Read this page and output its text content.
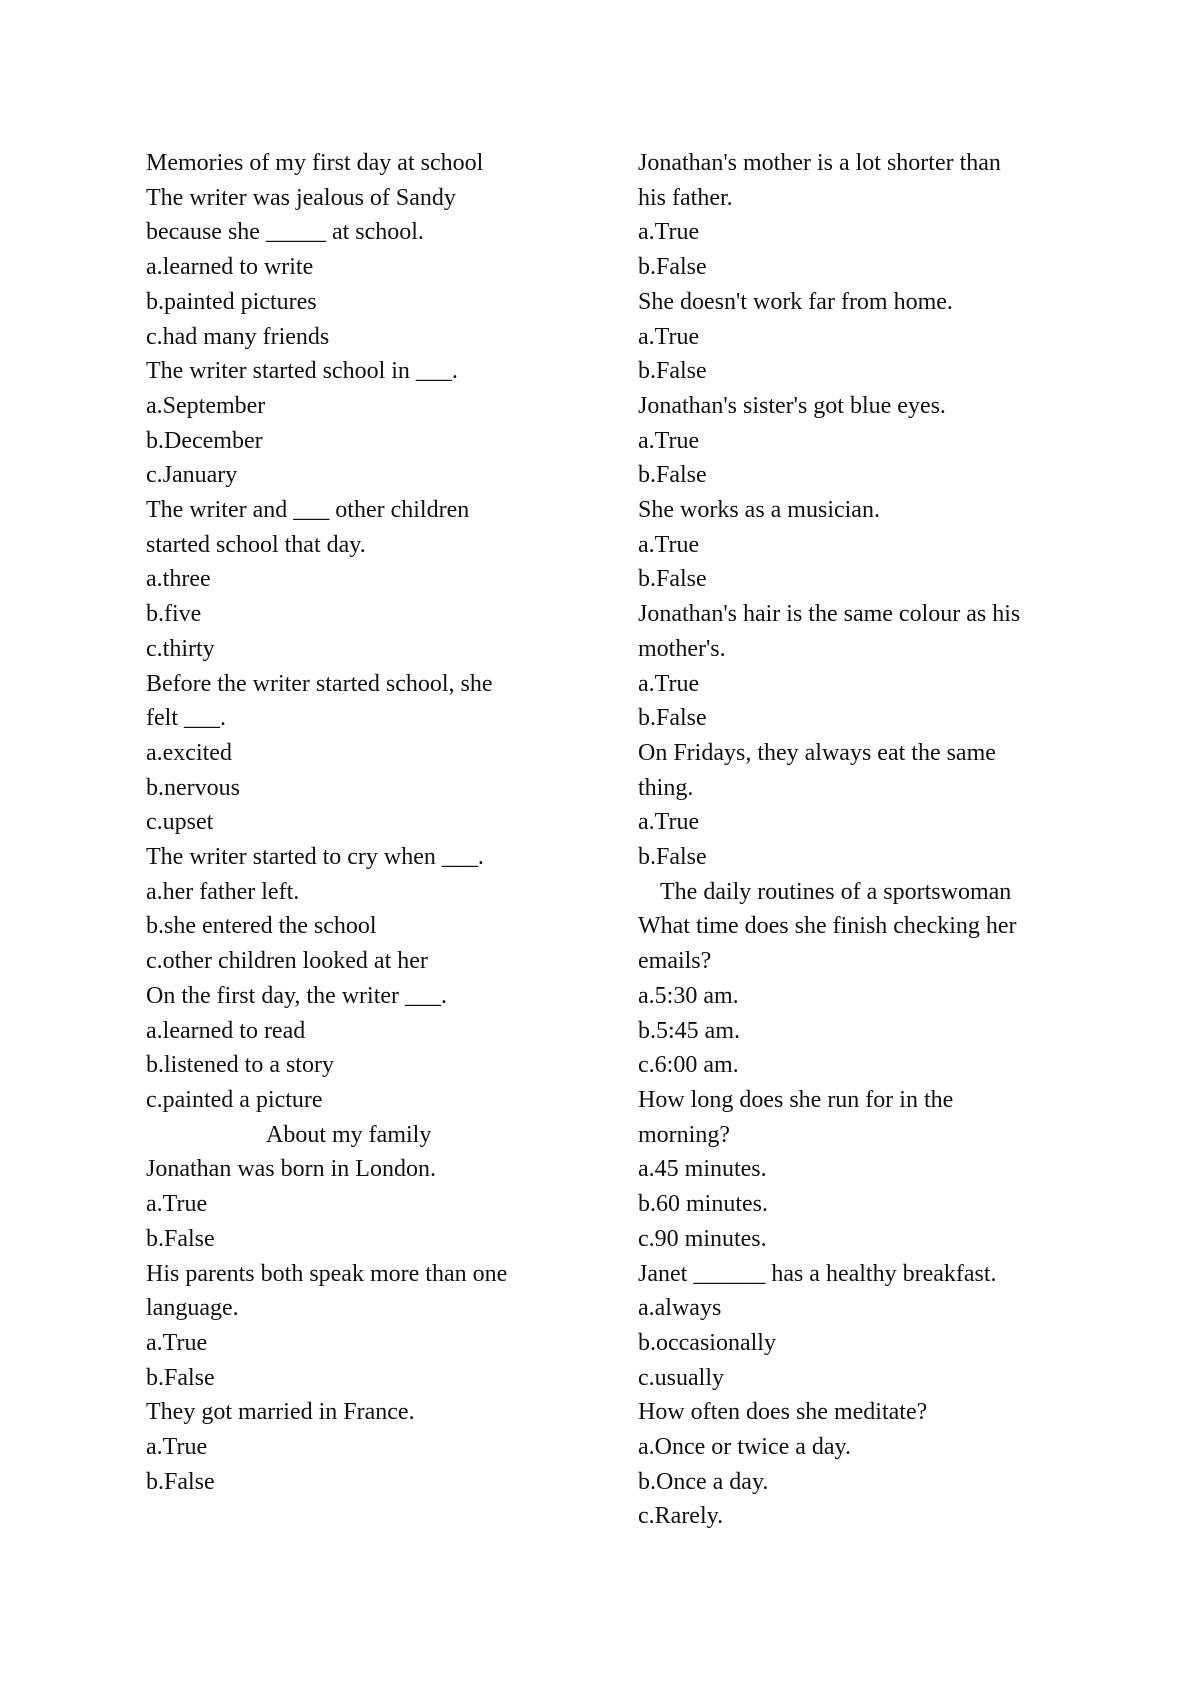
Memories of my first day at school
The writer was jealous of Sandy
because she _____ at school.
a.learned to write
b.painted pictures
c.had many friends
The writer started school in ___.
a.September
b.December
c.January
The writer and ___ other children
started school that day.
a.three
b.five
c.thirty
Before the writer started school, she
felt ___.
a.excited
b.nervous
c.upset
The writer started to cry when ___.
a.her father left.
b.she entered the school
c.other children looked at her
On the first day, the writer ___.
a.learned to read
b.listened to a story
c.painted a picture
About my family
Jonathan was born in London.
a.True
b.False
His parents both speak more than one
language.
a.True
b.False
They got married in France.
a.True
b.False
Jonathan's mother is a lot shorter than
his father.
a.True
b.False
She doesn't work far from home.
a.True
b.False
Jonathan's sister's got blue eyes.
a.True
b.False
She works as a musician.
a.True
b.False
Jonathan's hair is the same colour as his
mother's.
a.True
b.False
On Fridays, they always eat the same
thing.
a.True
b.False
The daily routines of a sportswoman
What time does she finish checking her
emails?
a.5:30 am.
b.5:45 am.
c.6:00 am.
How long does she run for in the
morning?
a.45 minutes.
b.60 minutes.
c.90 minutes.
Janet ______ has a healthy breakfast.
a.always
b.occasionally
c.usually
How often does she meditate?
a.Once or twice a day.
b.Once a day.
c.Rarely.
